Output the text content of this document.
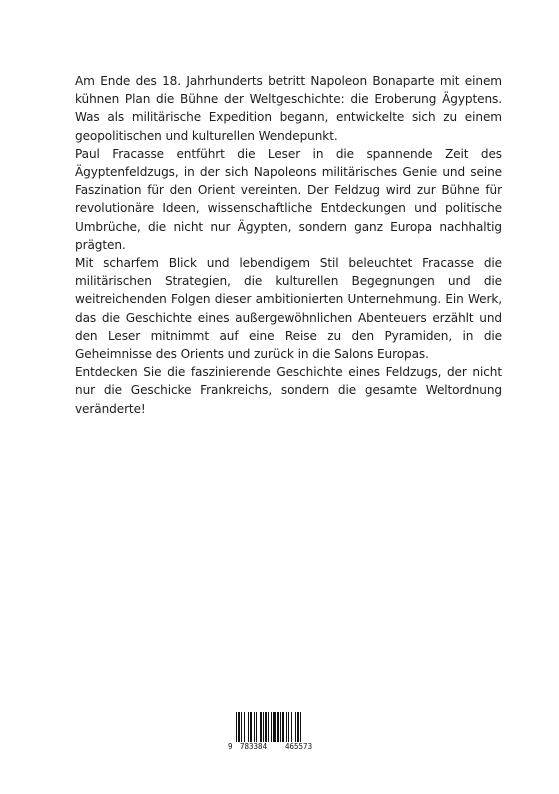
Am Ende des 18. Jahrhunderts betritt Napoleon Bonaparte mit einem kühnen Plan die Bühne der Weltgeschichte: die Eroberung Ägyptens. Was als militärische Expedition begann, entwickelte sich zu einem geopolitischen und kulturellen Wendepunkt.

Paul Fracasse entführt die Leser in die spannende Zeit des Ägyptenfeldzugs, in der sich Napoleons militärisches Genie und seine Faszination für den Orient vereinten. Der Feldzug wird zur Bühne für revolutionäre Ideen, wissenschaftliche Entdeckungen und politische Umbrüche, die nicht nur Ägypten, sondern ganz Europa nachhaltig prägten.

Mit scharfem Blick und lebendigem Stil beleuchtet Fracasse die militärischen Strategien, die kulturellen Begegnungen und die weitreichenden Folgen dieser ambitionierten Unternehmung. Ein Werk, das die Geschichte eines außergewöhnlichen Abenteuers erzählt und den Leser mitnimmt auf eine Reise zu den Pyramiden, in die Geheimnisse des Orients und zurück in die Salons Europas.

Entdecken Sie die faszinierende Geschichte eines Feldzugs, der nicht nur die Geschicke Frankreichs, sondern die gesamte Weltordnung veränderte!

9 783384 465573
